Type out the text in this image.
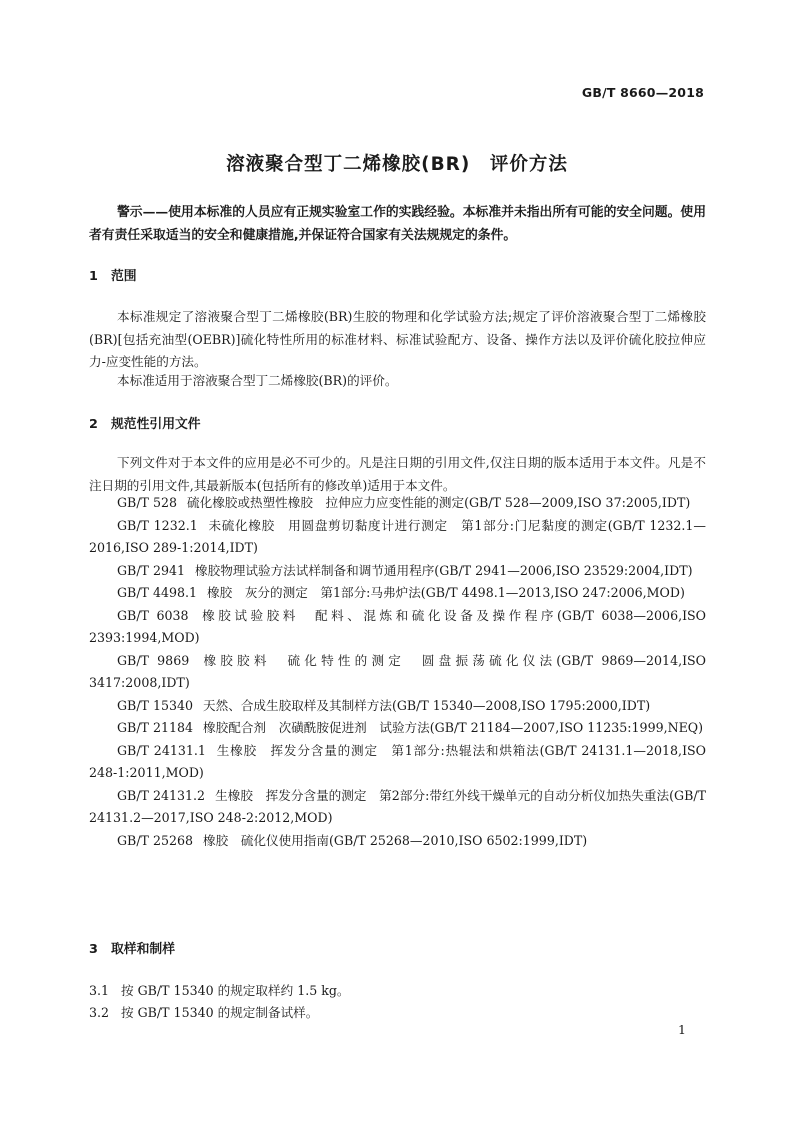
GB/T 8660—2018
溶液聚合型丁二烯橡胶(BR)　评价方法
警示——使用本标准的人员应有正规实验室工作的实践经验。本标准并未指出所有可能的安全问题。使用者有责任采取适当的安全和健康措施,并保证符合国家有关法规规定的条件。
1 范围
本标准规定了溶液聚合型丁二烯橡胶(BR)生胶的物理和化学试验方法;规定了评价溶液聚合型丁二烯橡胶(BR)[包括充油型(OEBR)]硫化特性所用的标准材料、标准试验配方、设备、操作方法以及评价硫化胶拉伸应力-应变性能的方法。
本标准适用于溶液聚合型丁二烯橡胶(BR)的评价。
2 规范性引用文件
下列文件对于本文件的应用是必不可少的。凡是注日期的引用文件,仅注日期的版本适用于本文件。凡是不注日期的引用文件,其最新版本(包括所有的修改单)适用于本文件。

GB/T 528 硫化橡胶或热塑性橡胶　拉伸应力应变性能的测定(GB/T 528—2009,ISO 37:2005,IDT)

GB/T 1232.1 未硫化橡胶　用圆盘剪切黏度计进行测定　第1部分:门尼黏度的测定(GB/T 1232.1—2016,ISO 289-1:2014,IDT)

GB/T 2941 橡胶物理试验方法试样制备和调节通用程序(GB/T 2941—2006,ISO 23529:2004,IDT)

GB/T 4498.1 橡胶　灰分的测定　第1部分:马弗炉法(GB/T 4498.1—2013,ISO 247:2006,MOD)

GB/T 6038 橡胶试验胶料　配料、混炼和硫化设备及操作程序(GB/T 6038—2006,ISO 2393:1994,MOD)

GB/T 9869 橡胶胶料　硫化特性的测定　圆盘振荡硫化仪法(GB/T 9869—2014,ISO 3417:2008,IDT)

GB/T 15340 天然、合成生胶取样及其制样方法(GB/T 15340—2008,ISO 1795:2000,IDT)

GB/T 21184 橡胶配合剂　次磺酰胺促进剂　试验方法(GB/T 21184—2007,ISO 11235:1999,NEQ)

GB/T 24131.1 生橡胶　挥发分含量的测定　第1部分:热辊法和烘箱法(GB/T 24131.1—2018,ISO 248-1:2011,MOD)

GB/T 24131.2 生橡胶　挥发分含量的测定　第2部分:带红外线干燥单元的自动分析仪加热失重法(GB/T 24131.2—2017,ISO 248-2:2012,MOD)

GB/T 25268 橡胶　硫化仪使用指南(GB/T 25268—2010,ISO 6502:1999,IDT)

3 取样和制样
3.1 按 GB/T 15340 的规定取样约 1.5 kg。
3.2 按 GB/T 15340 的规定制备试样。
1
